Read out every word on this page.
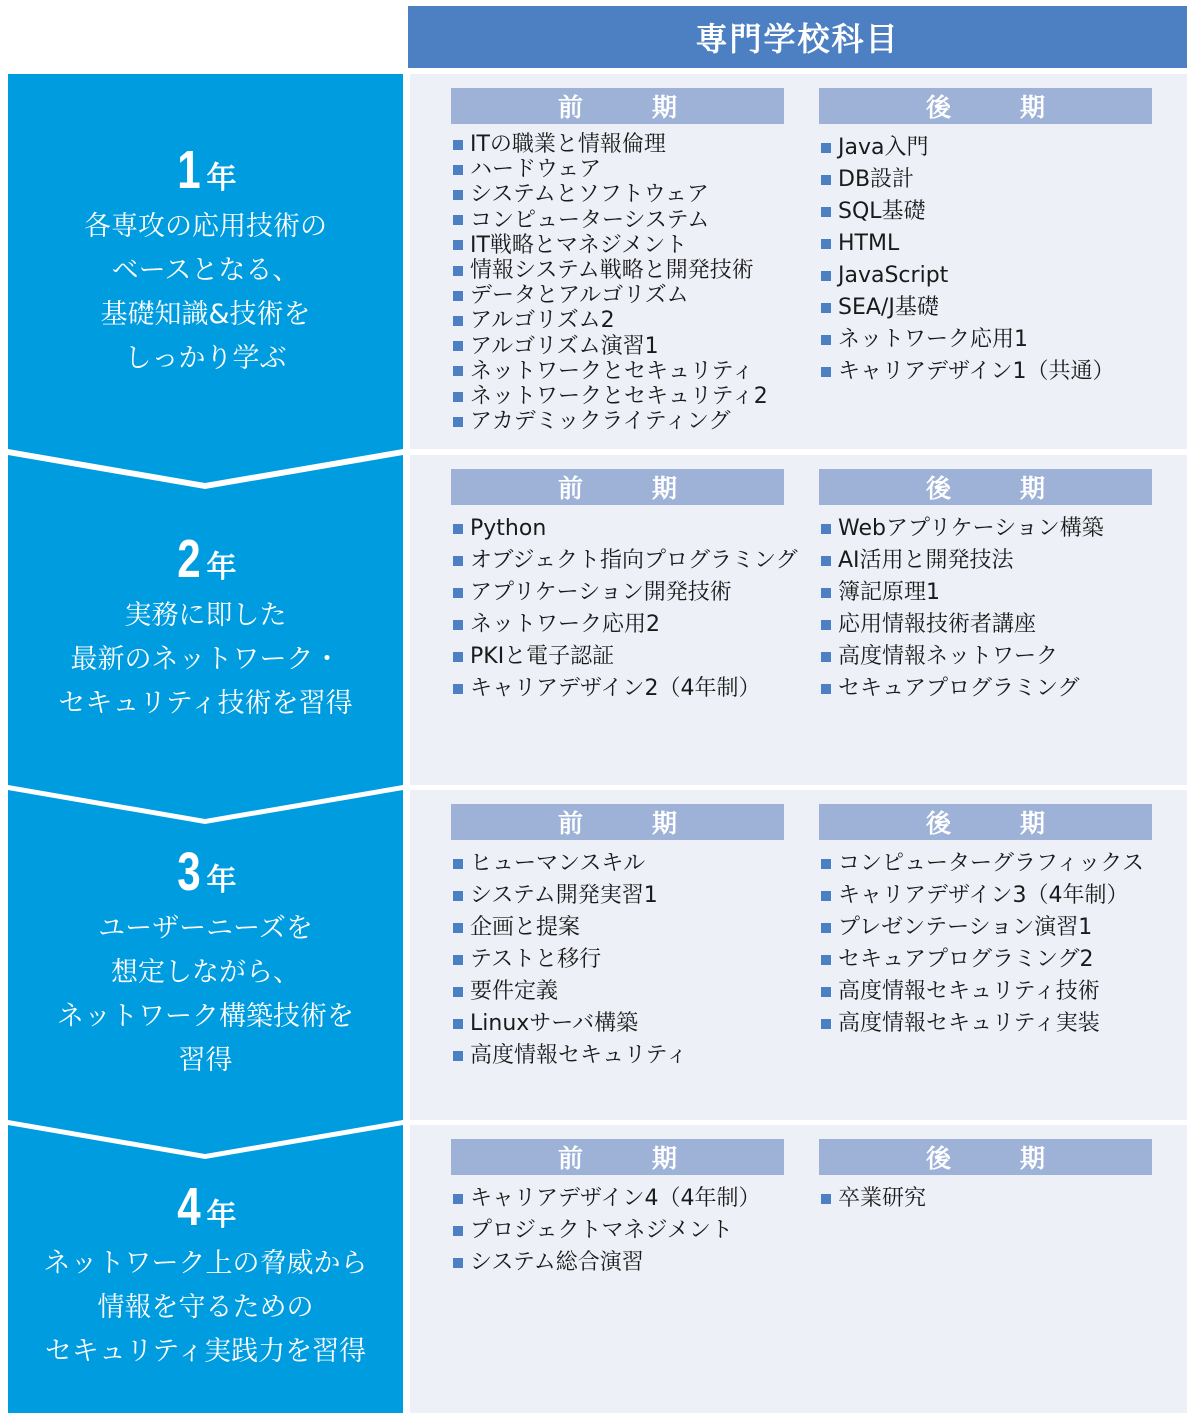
専門学校科目
1 年
各専攻の応用技術の
ベースとなる、
基礎知識&技術を
しっかり学ぶ
前　期
ITの職業と情報倫理
ハードウェア
システムとソフトウェア
コンピューターシステム
IT戦略とマネジメント
情報システム戦略と開発技術
データとアルゴリズム
アルゴリズム2
アルゴリズム演習1
ネットワークとセキュリティ
ネットワークとセキュリティ2
アカデミックライティング
後　期
Java入門
DB設計
SQL基礎
HTML
JavaScript
SEA/J基礎
ネットワーク応用1
キャリアデザイン1（共通）
2 年
実務に即した
最新のネットワーク・
セキュリティ技術を習得
前　期
Python
オブジェクト指向プログラミング
アプリケーション開発技術
ネットワーク応用2
PKIと電子認証
キャリアデザイン2（4年制）
後　期
Webアプリケーション構築
AI活用と開発技法
簿記原理1
応用情報技術者講座
高度情報ネットワーク
セキュアプログラミング
3 年
ユーザーニーズを
想定しながら、
ネットワーク構築技術を
習得
前　期
ヒューマンスキル
システム開発実習1
企画と提案
テストと移行
要件定義
Linuxサーバ構築
高度情報セキュリティ
後　期
コンピューターグラフィックス
キャリアデザイン3（4年制）
プレゼンテーション演習1
セキュアプログラミング2
高度情報セキュリティ技術
高度情報セキュリティ実装
4 年
ネットワーク上の脅威から
情報を守るための
セキュリティ実践力を習得
前　期
キャリアデザイン4（4年制）
プロジェクトマネジメント
システム総合演習
後　期
卒業研究
